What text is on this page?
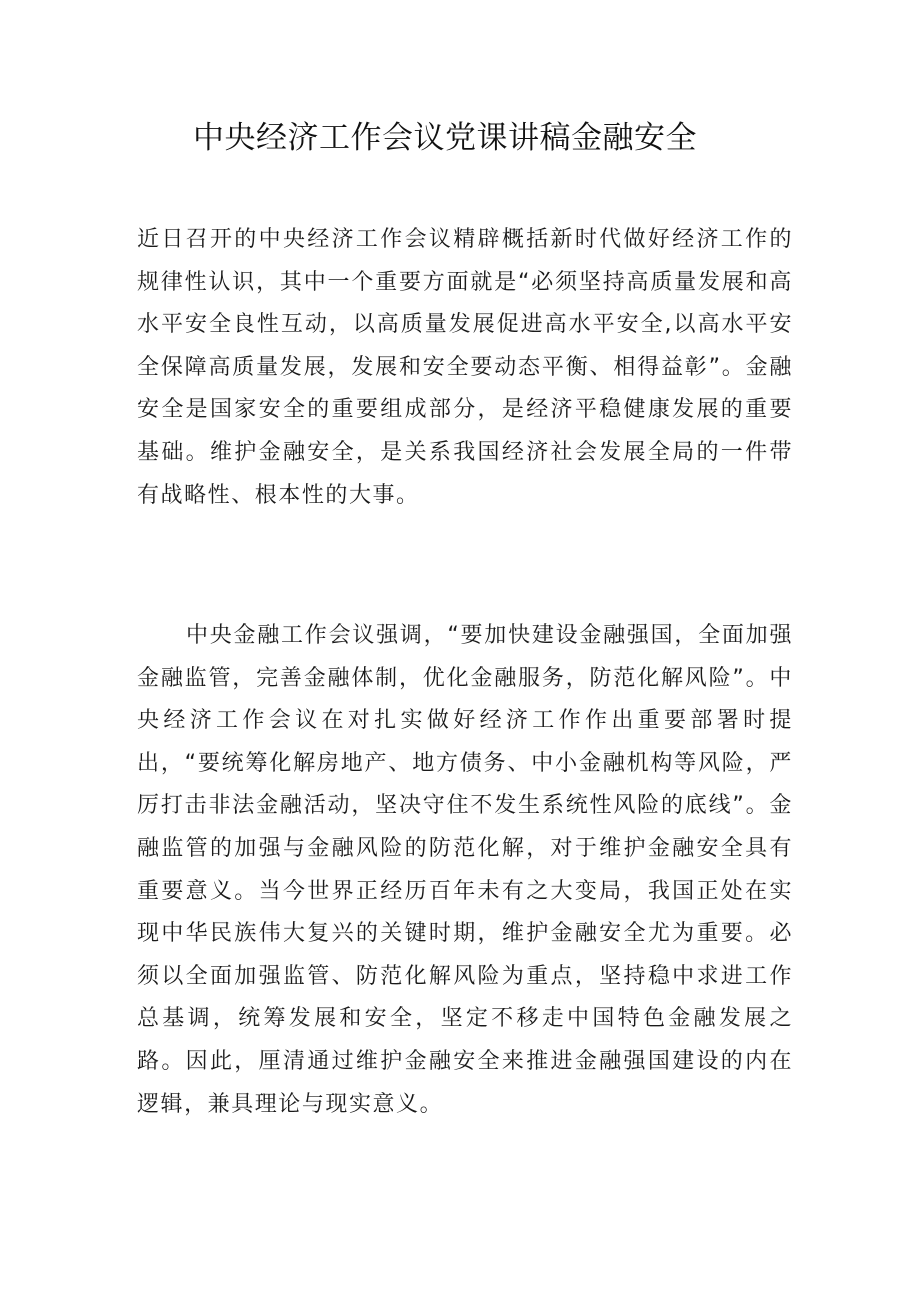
中央经济工作会议党课讲稿金融安全

近日召开的中央经济工作会议精辟概括新时代做好经济工作的规律性认识，其中一个重要方面就是“必须坚持高质量发展和高水平安全良性互动，以高质量发展促进高水平安全,以高水平安全保障高质量发展，发展和安全要动态平衡、相得益彰”。金融安全是国家安全的重要组成部分，是经济平稳健康发展的重要基础。维护金融安全，是关系我国经济社会发展全局的一件带有战略性、根本性的大事。

中央金融工作会议强调，“要加快建设金融强国，全面加强金融监管，完善金融体制，优化金融服务，防范化解风险”。中央经济工作会议在对扎实做好经济工作作出重要部署时提出，“要统筹化解房地产、地方债务、中小金融机构等风险，严厉打击非法金融活动，坚决守住不发生系统性风险的底线”。金融监管的加强与金融风险的防范化解，对于维护金融安全具有重要意义。当今世界正经历百年未有之大变局，我国正处在实现中华民族伟大复兴的关键时期，维护金融安全尤为重要。必须以全面加强监管、防范化解风险为重点，坚持稳中求进工作总基调，统筹发展和安全，坚定不移走中国特色金融发展之路。因此，厘清通过维护金融安全来推进金融强国建设的内在逻辑，兼具理论与现实意义。
